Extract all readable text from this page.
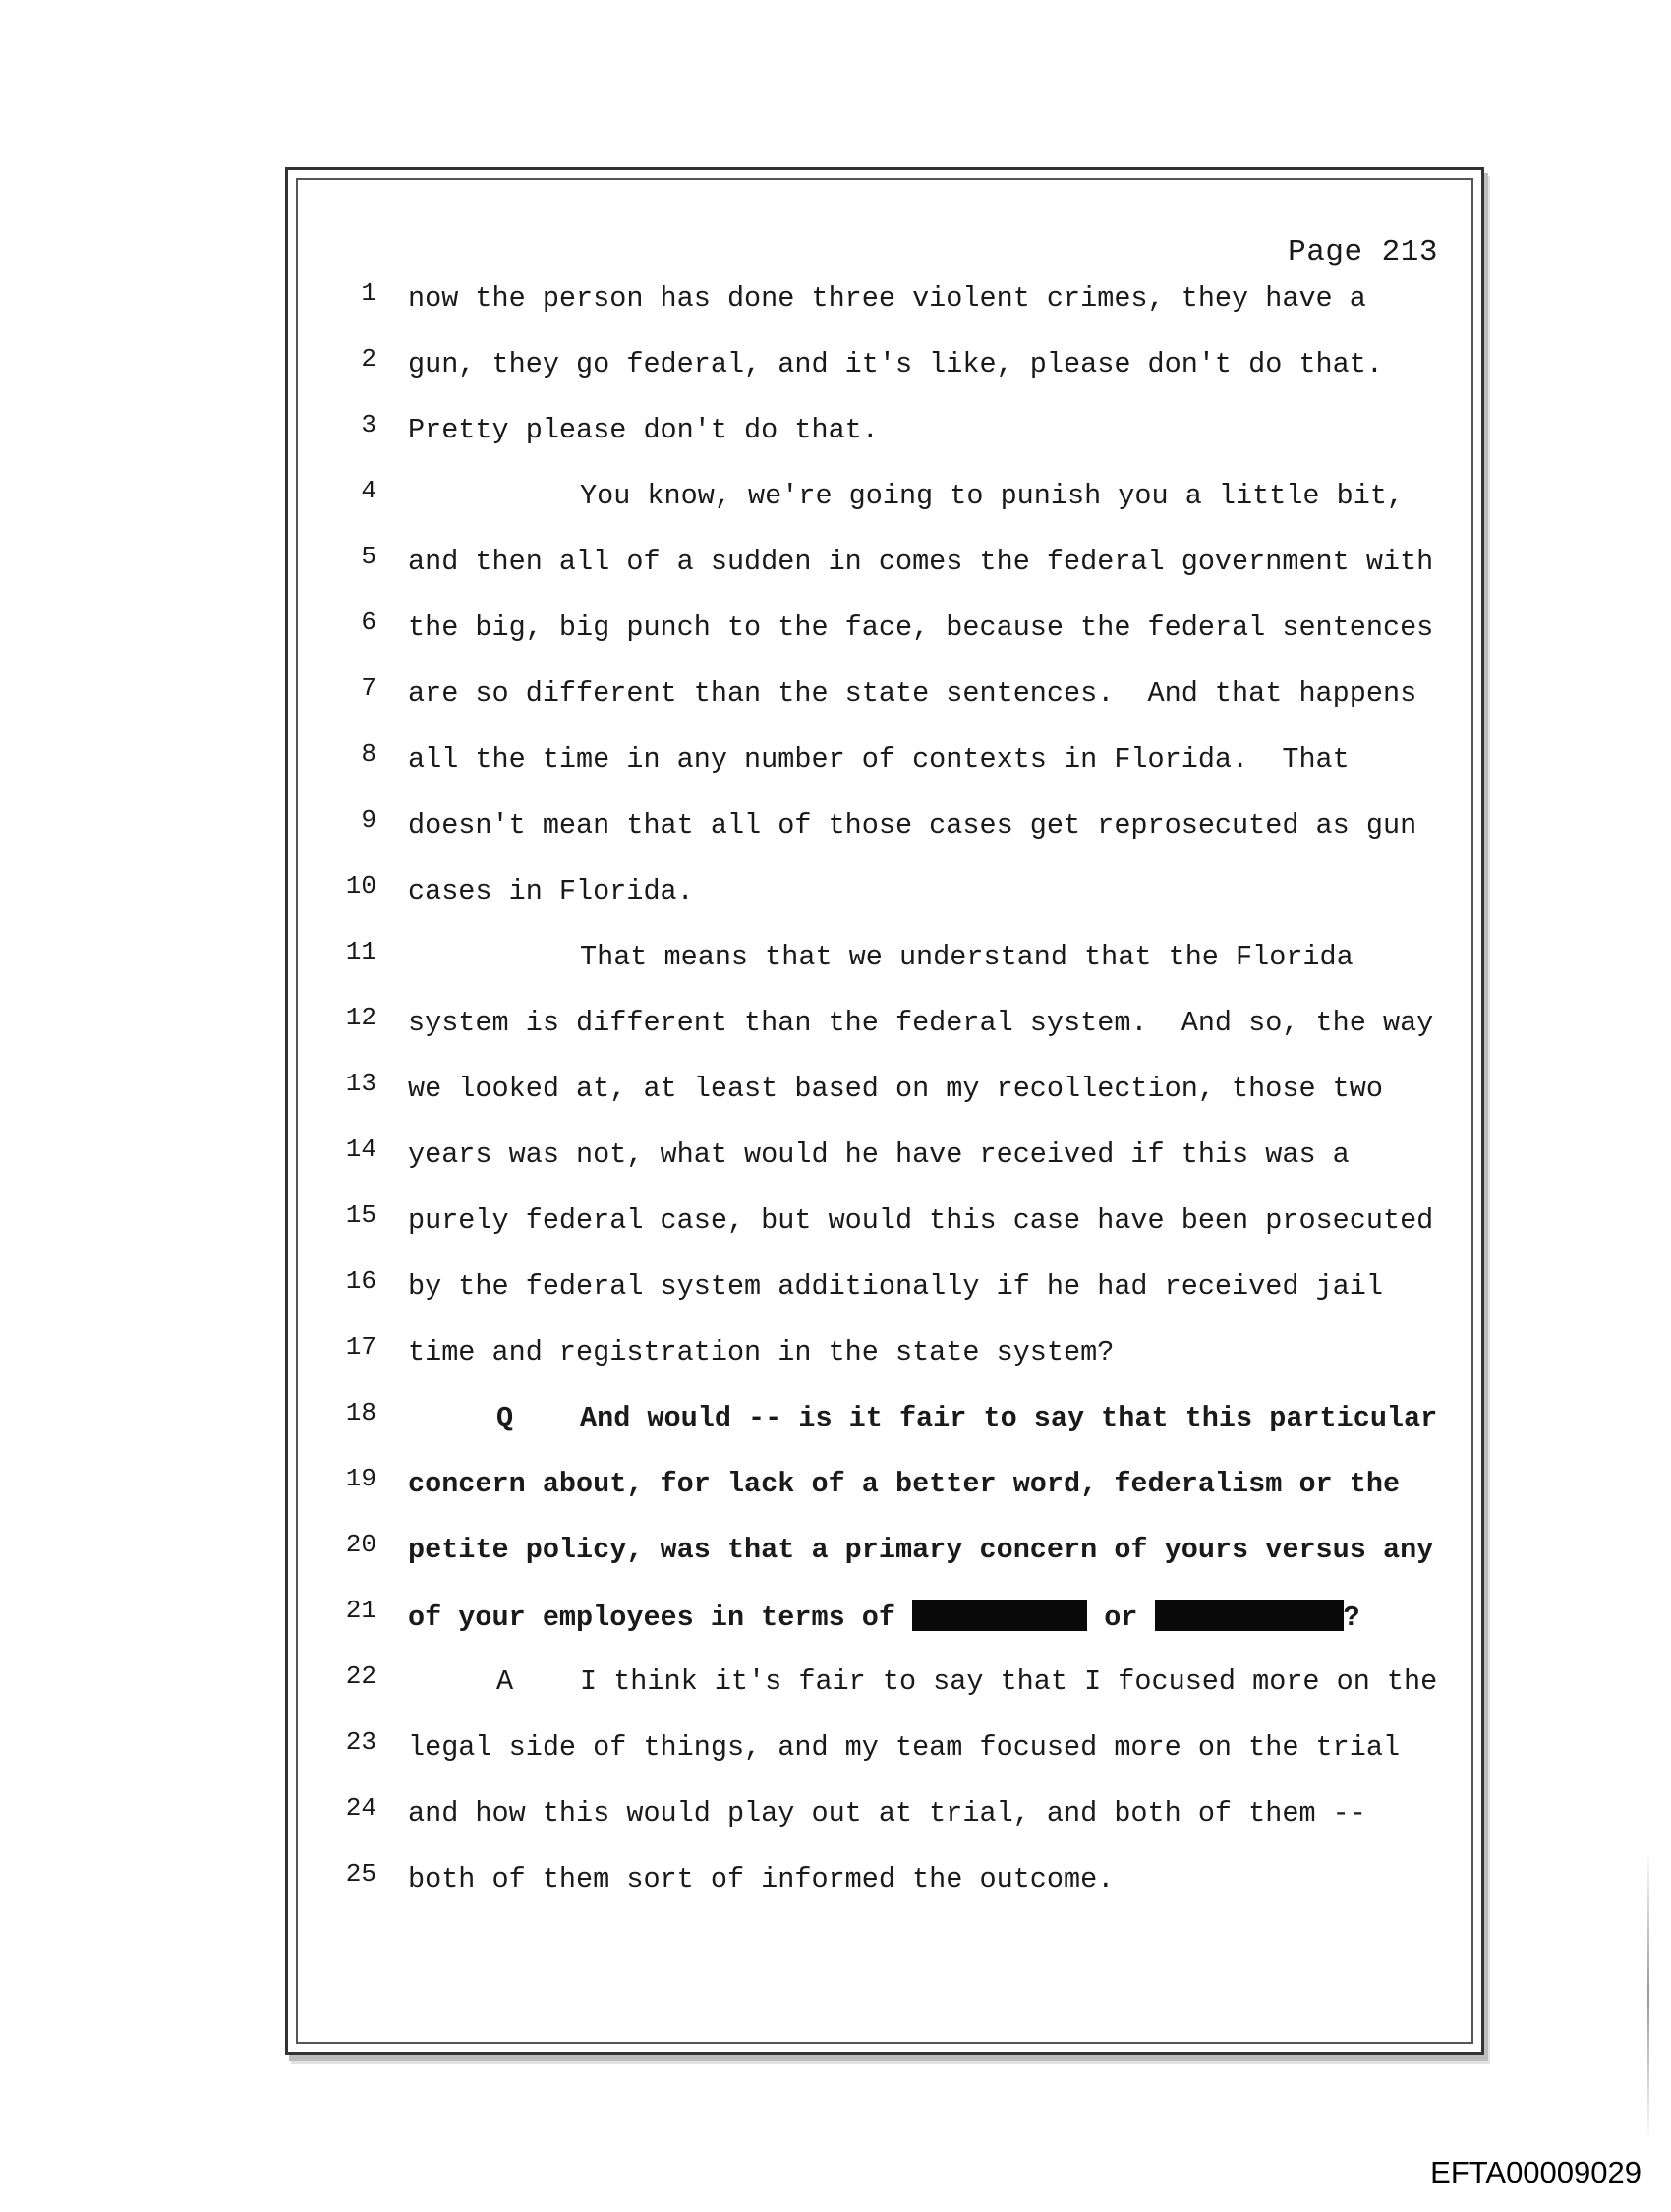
Page 213
1 now the person has done three violent crimes, they have a
2 gun, they go federal, and it's like, please don't do that.
3 Pretty please don't do that.
4	You know, we're going to punish you a little bit,
5 and then all of a sudden in comes the federal government with
6 the big, big punch to the face, because the federal sentences
7 are so different than the state sentences.  And that happens
8 all the time in any number of contexts in Florida.  That
9 doesn't mean that all of those cases get reprosecuted as gun
10 cases in Florida.
11	That means that we understand that the Florida
12 system is different than the federal system.  And so, the way
13 we looked at, at least based on my recollection, those two
14 years was not, what would he have received if this was a
15 purely federal case, but would this case have been prosecuted
16 by the federal system additionally if he had received jail
17 time and registration in the state system?
18	Q And would -- is it fair to say that this particular
19 concern about, for lack of a better word, federalism or the
20 petite policy, was that a primary concern of yours versus any
21 of your employees in terms of	or	?
22	A I think it's fair to say that I focused more on the
23 legal side of things, and my team focused more on the trial
24 and how this would play out at trial, and both of them --
25 both of them sort of informed the outcome.
EFTA00009029
